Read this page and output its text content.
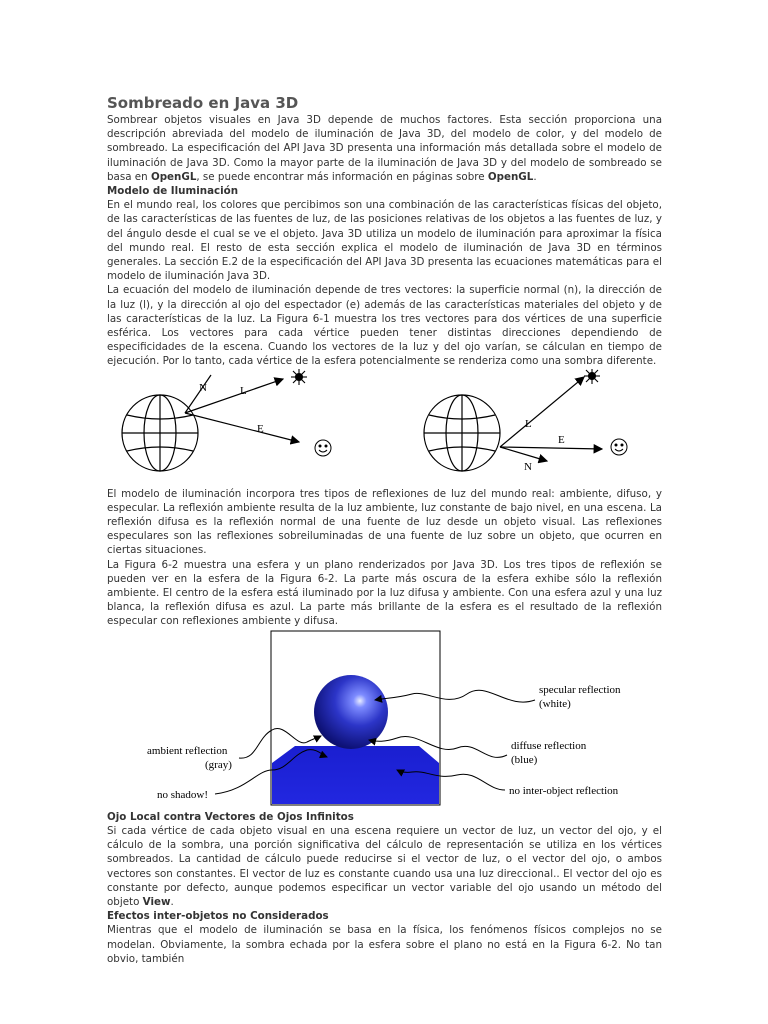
Sombreado en Java 3D

Sombrear objetos visuales en Java 3D depende de muchos factores. Esta sección proporciona una descripción abreviada del modelo de iluminación de Java 3D, del modelo de color, y del modelo de sombreado. La especificación del API Java 3D presenta una información más detallada sobre el modelo de iluminación de Java 3D. Como la mayor parte de la iluminación de Java 3D y del modelo de sombreado se basa en OpenGL, se puede encontrar más información en páginas sobre OpenGL.

Modelo de Iluminación

En el mundo real, los colores que percibimos son una combinación de las características físicas del objeto, de las características de las fuentes de luz, de las posiciones relativas de los objetos a las fuentes de luz, y del ángulo desde el cual se ve el objeto. Java 3D utiliza un modelo de iluminación para aproximar la física del mundo real. El resto de esta sección explica el modelo de iluminación de Java 3D en términos generales. La sección E.2 de la especificación del API Java 3D presenta las ecuaciones matemáticas para el modelo de iluminación Java 3D.

La ecuación del modelo de iluminación depende de tres vectores: la superficie normal (n), la dirección de la luz (l), y la dirección al ojo del espectador (e) además de las características materiales del objeto y de las características de la luz. La Figura 6-1 muestra los tres vectores para dos vértices de una superficie esférica. Los vectores para cada vértice pueden tener distintas direcciones dependiendo de especificidades de la escena. Cuando los vectores de la luz y del ojo varían, se cálculan en tiempo de ejecución. Por lo tanto, cada vértice de la esfera potencialmente se renderiza como una sombra diferente.

N	L
E	L
E
N

El modelo de iluminación incorpora tres tipos de reflexiones de luz del mundo real: ambiente, difuso, y especular. La reflexión ambiente resulta de la luz ambiente, luz constante de bajo nivel, en una escena. La reflexión difusa es la reflexión normal de una fuente de luz desde un objeto visual. Las reflexiones especulares son las reflexiones sobreiluminadas de una fuente de luz sobre un objeto, que ocurren en ciertas situaciones.

La Figura 6-2 muestra una esfera y un plano renderizados por Java 3D. Los tres tipos de reflexión se pueden ver en la esfera de la Figura 6-2. La parte más oscura de la esfera exhibe sólo la reflexión ambiente. El centro de la esfera está iluminado por la luz difusa y ambiente. Con una esfera azul y una luz blanca, la reflexión difusa es azul. La parte más brillante de la esfera es el resultado de la reflexión especular con reflexiones ambiente y difusa.

specular reflection
(white)
diffuse reflection
(blue)
ambient reflection
(gray)
no shadow!	no inter-object reflection
Ojo Local contra Vectores de Ojos Infinitos

Si cada vértice de cada objeto visual en una escena requiere un vector de luz, un vector del ojo, y el cálculo de la sombra, una porción significativa del cálculo de representación se utiliza en los vértices sombreados. La cantidad de cálculo puede reducirse si el vector de luz, o el vector del ojo, o ambos vectores son constantes. El vector de luz es constante cuando usa una luz direccional.. El vector del ojo es constante por defecto, aunque podemos especificar un vector variable del ojo usando un método del objeto View.

Efectos inter-objetos no Considerados

Mientras que el modelo de iluminación se basa en la física, los fenómenos físicos complejos no se modelan. Obviamente, la sombra echada por la esfera sobre el plano no está en la Figura 6-2. No tan obvio, también
